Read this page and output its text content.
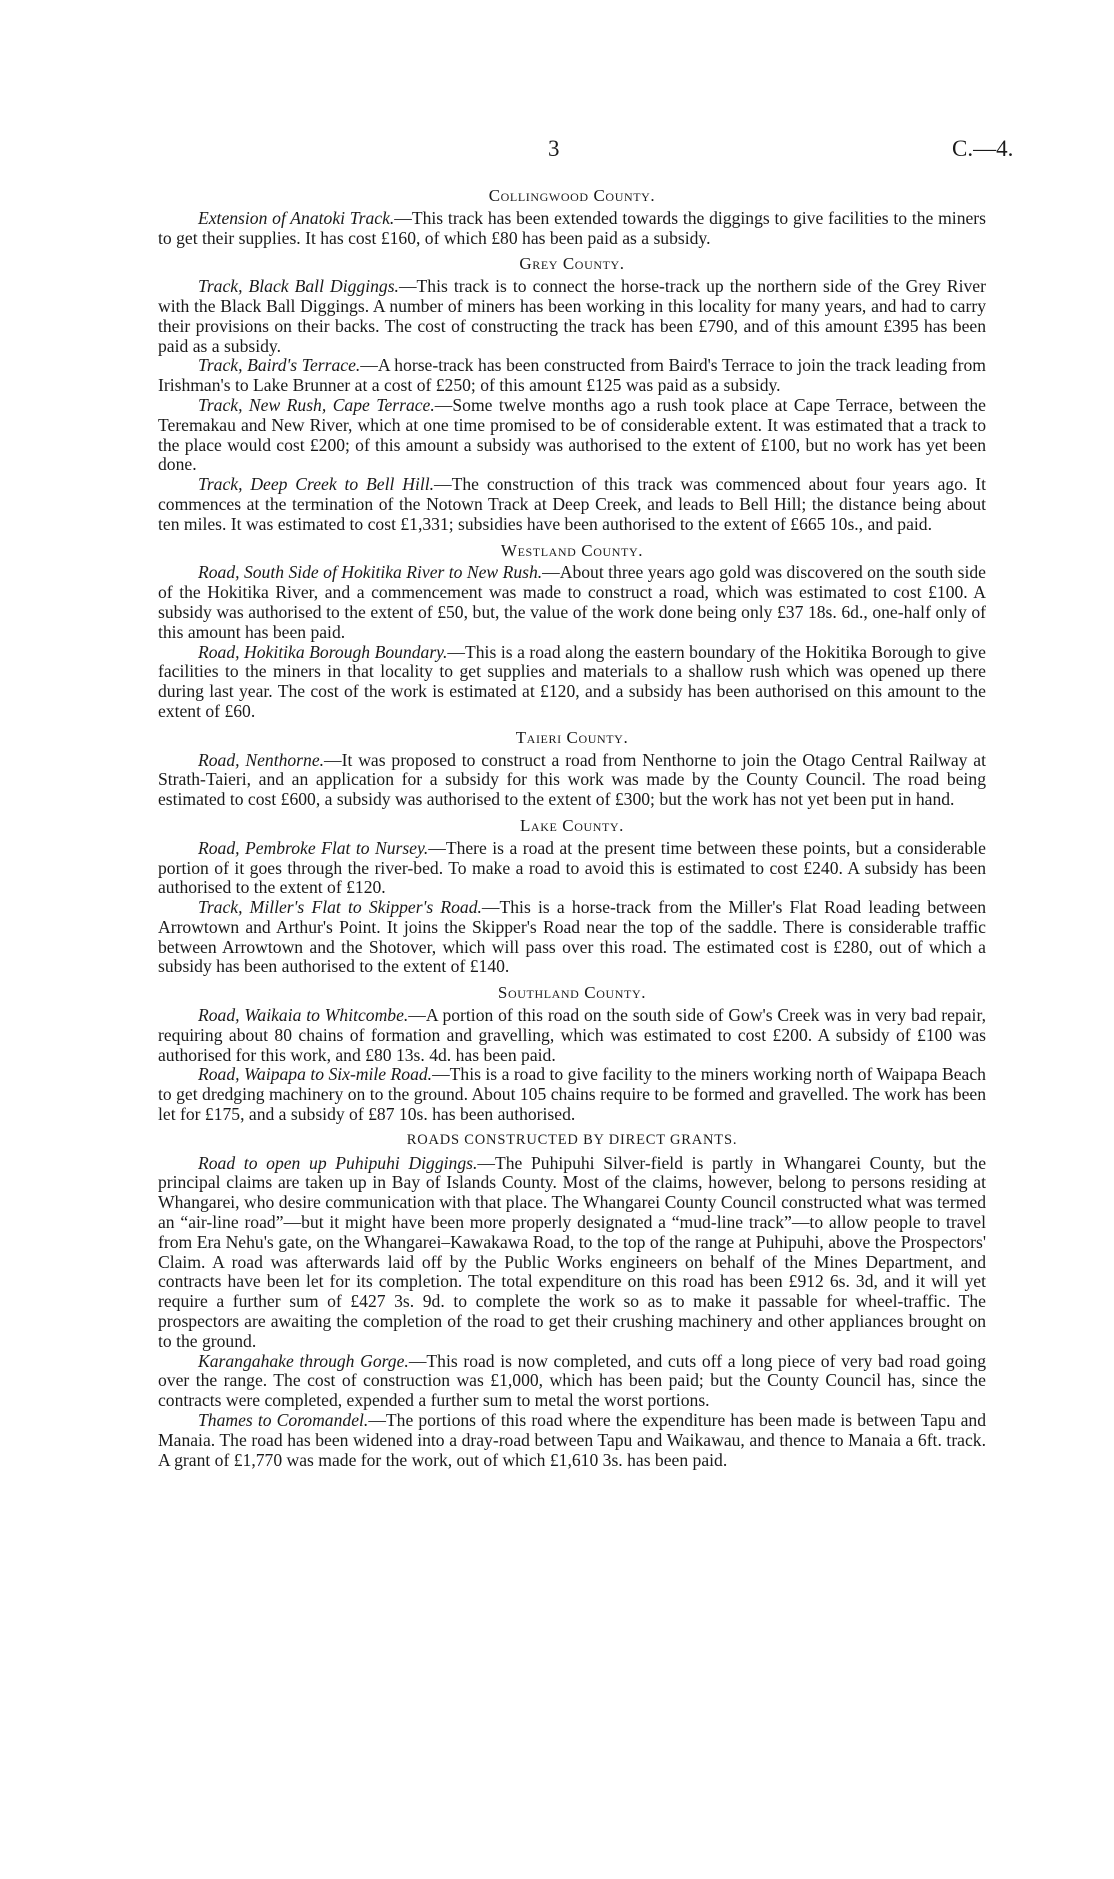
3	C.—4.
Collingwood County.

Extension of Anatoki Track.—This track has been extended towards the diggings to give facilities to the miners to get their supplies. It has cost £160, of which £80 has been paid as a subsidy.

Grey County.

Track, Black Ball Diggings.—This track is to connect the horse-track up the northern side of the Grey River with the Black Ball Diggings. A number of miners has been working in this locality for many years, and had to carry their provisions on their backs. The cost of constructing the track has been £790, and of this amount £395 has been paid as a subsidy.

Track, Baird's Terrace.—A horse-track has been constructed from Baird's Terrace to join the track leading from Irishman's to Lake Brunner at a cost of £250; of this amount £125 was paid as a subsidy.

Track, New Rush, Cape Terrace.—Some twelve months ago a rush took place at Cape Terrace, between the Teremakau and New River, which at one time promised to be of considerable extent. It was estimated that a track to the place would cost £200; of this amount a subsidy was authorised to the extent of £100, but no work has yet been done.

Track, Deep Creek to Bell Hill.—The construction of this track was commenced about four years ago. It commences at the termination of the Notown Track at Deep Creek, and leads to Bell Hill; the distance being about ten miles. It was estimated to cost £1,331; subsidies have been authorised to the extent of £665 10s., and paid.

Westland County.

Road, South Side of Hokitika River to New Rush.—About three years ago gold was discovered on the south side of the Hokitika River, and a commencement was made to construct a road, which was estimated to cost £100. A subsidy was authorised to the extent of £50, but, the value of the work done being only £37 18s. 6d., one-half only of this amount has been paid.

Road, Hokitika Borough Boundary.—This is a road along the eastern boundary of the Hokitika Borough to give facilities to the miners in that locality to get supplies and materials to a shallow rush which was opened up there during last year. The cost of the work is estimated at £120, and a subsidy has been authorised on this amount to the extent of £60.

Taieri County.

Road, Nenthorne.—It was proposed to construct a road from Nenthorne to join the Otago Central Railway at Strath-Taieri, and an application for a subsidy for this work was made by the County Council. The road being estimated to cost £600, a subsidy was authorised to the extent of £300; but the work has not yet been put in hand.

Lake County.

Road, Pembroke Flat to Nursey.—There is a road at the present time between these points, but a considerable portion of it goes through the river-bed. To make a road to avoid this is estimated to cost £240. A subsidy has been authorised to the extent of £120.

Track, Miller's Flat to Skipper's Road.—This is a horse-track from the Miller's Flat Road leading between Arrowtown and Arthur's Point. It joins the Skipper's Road near the top of the saddle. There is considerable traffic between Arrowtown and the Shotover, which will pass over this road. The estimated cost is £280, out of which a subsidy has been authorised to the extent of £140.

Southland County.

Road, Waikaia to Whitcombe.—A portion of this road on the south side of Gow's Creek was in very bad repair, requiring about 80 chains of formation and gravelling, which was estimated to cost £200. A subsidy of £100 was authorised for this work, and £80 13s. 4d. has been paid.

Road, Waipapa to Six-mile Road.—This is a road to give facility to the miners working north of Waipapa Beach to get dredging machinery on to the ground. About 105 chains require to be formed and gravelled. The work has been let for £175, and a subsidy of £87 10s. has been authorised.

ROADS CONSTRUCTED BY DIRECT GRANTS.

Road to open up Puhipuhi Diggings.—The Puhipuhi Silver-field is partly in Whangarei County, but the principal claims are taken up in Bay of Islands County. Most of the claims, however, belong to persons residing at Whangarei, who desire communication with that place. The Whangarei County Council constructed what was termed an “air-line road”—but it might have been more properly designated a “mud-line track”—to allow people to travel from Era Nehu's gate, on the Whangarei–Kawakawa Road, to the top of the range at Puhipuhi, above the Prospectors' Claim. A road was afterwards laid off by the Public Works engineers on behalf of the Mines Department, and contracts have been let for its completion. The total expenditure on this road has been £912 6s. 3d, and it will yet require a further sum of £427 3s. 9d. to complete the work so as to make it passable for wheel-traffic. The prospectors are awaiting the completion of the road to get their crushing machinery and other appliances brought on to the ground.

Karangahake through Gorge.—This road is now completed, and cuts off a long piece of very bad road going over the range. The cost of construction was £1,000, which has been paid; but the County Council has, since the contracts were completed, expended a further sum to metal the worst portions.

Thames to Coromandel.—The portions of this road where the expenditure has been made is between Tapu and Manaia. The road has been widened into a dray-road between Tapu and Waikawau, and thence to Manaia a 6ft. track. A grant of £1,770 was made for the work, out of which £1,610 3s. has been paid.
